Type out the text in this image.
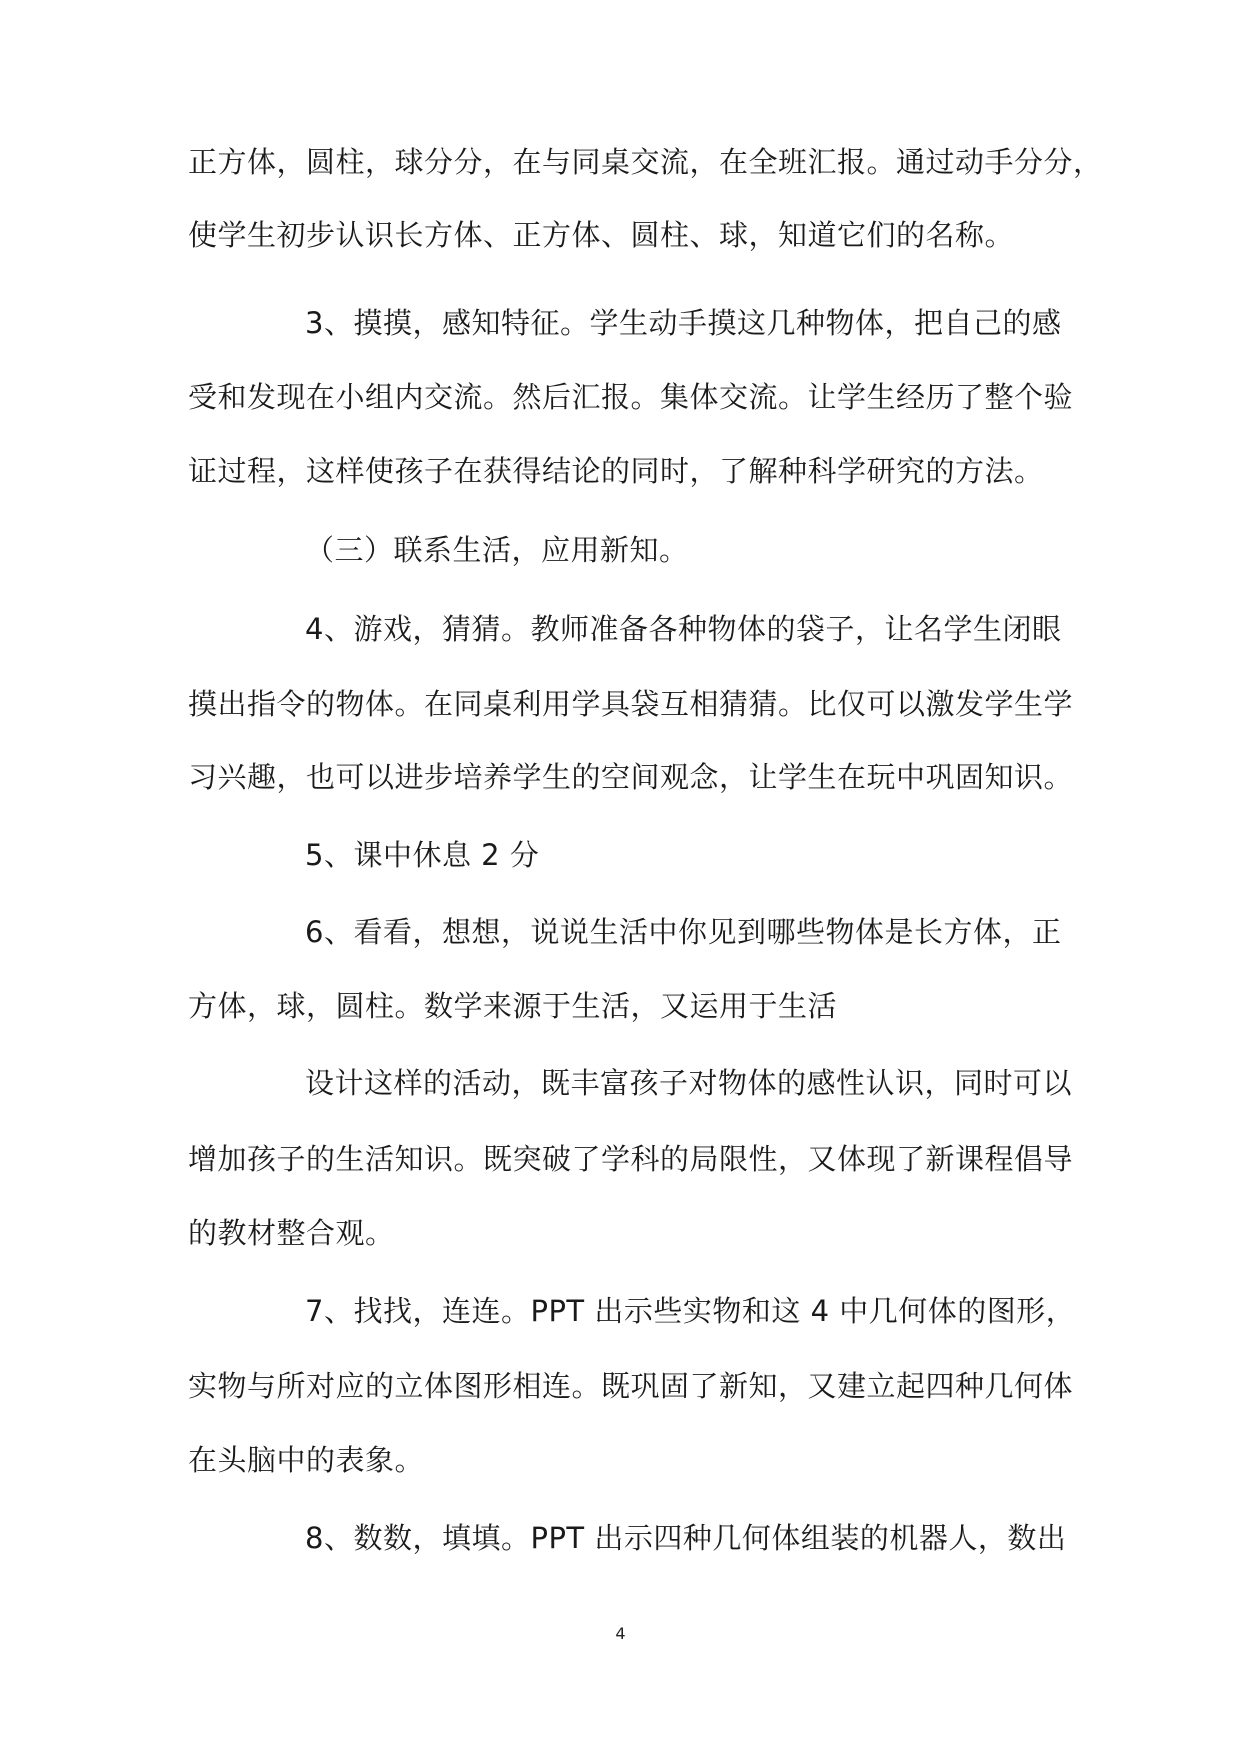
正方体，圆柱，球分分，在与同桌交流，在全班汇报。通过动手分分，
使学生初步认识长方体、正方体、圆柱、球，知道它们的名称。
3、摸摸，感知特征。学生动手摸这几种物体，把自己的感
受和发现在小组内交流。然后汇报。集体交流。让学生经历了整个验
证过程，这样使孩子在获得结论的同时，了解种科学研究的方法。
（三）联系生活，应用新知。
4、游戏，猜猜。教师准备各种物体的袋子，让名学生闭眼
摸出指令的物体。在同桌利用学具袋互相猜猜。比仅可以激发学生学
习兴趣，也可以进步培养学生的空间观念，让学生在玩中巩固知识。
5、课中休息 2 分
6、看看，想想，说说生活中你见到哪些物体是长方体，正
方体，球，圆柱。数学来源于生活，又运用于生活
设计这样的活动，既丰富孩子对物体的感性认识，同时可以
增加孩子的生活知识。既突破了学科的局限性，又体现了新课程倡导
的教材整合观。
7、找找，连连。PPT 出示些实物和这 4 中几何体的图形，
实物与所对应的立体图形相连。既巩固了新知，又建立起四种几何体
在头脑中的表象。
8、数数，填填。PPT 出示四种几何体组装的机器人，数出
4
